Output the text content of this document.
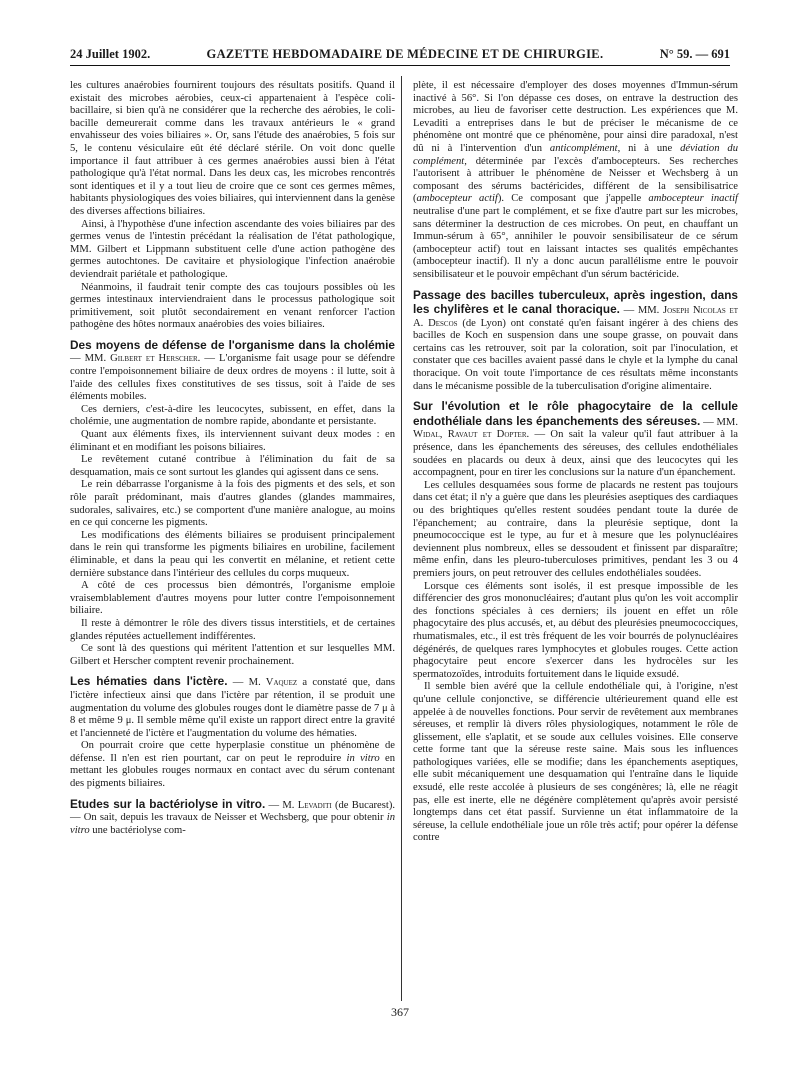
24 Juillet 1902.	GAZETTE HEBDOMADAIRE DE MÉDECINE ET DE CHIRURGIE.	N° 59. — 691

les cultures anaérobies fournirent toujours des résultats positifs. Quand il existait des microbes aérobies, ceux-ci appartenaient à l'espèce coli-bacillaire, si bien qu'à ne considérer que la recherche des aérobies, le coli-bacille demeurerait comme dans les travaux antérieurs le « grand envahisseur des voies biliaires ». Or, sans l'étude des anaérobies, 5 fois sur 5, le contenu vésiculaire eût été déclaré stérile. On voit donc quelle importance il faut attribuer à ces germes anaérobies aussi bien à l'état pathologique qu'à l'état normal. Dans les deux cas, les microbes rencontrés sont identiques et il y a tout lieu de croire que ce sont ces germes mêmes, habitants physiologiques des voies biliaires, qui interviennent dans la genèse des diverses affections biliaires.

Ainsi, à l'hypothèse d'une infection ascendante des voies biliaires par des germes venus de l'intestin précédant la réalisation de l'état pathologique, MM. Gilbert et Lippmann substituent celle d'une action pathogène des germes autochtones. De cavitaire et physiologique l'infection anaérobie deviendrait pariétale et pathologique.

Néanmoins, il faudrait tenir compte des cas toujours possibles où les germes intestinaux interviendraient dans le processus pathologique soit primitivement, soit plutôt secondairement en venant renforcer l'action pathogène des hôtes normaux anaérobies des voies biliaires.

Des moyens de défense de l'organisme dans la cholémie— MM. Gilbert et Herscher. — L'organisme fait usage pour se défendre contre l'empoisonnement biliaire de deux ordres de moyens : il lutte, soit à l'aide des cellules fixes constitutives de ses tissus, soit à l'aide de ses éléments mobiles.

Ces derniers, c'est-à-dire les leucocytes, subissent, en effet, dans la cholémie, une augmentation de nombre rapide, abondante et persistante.

Quant aux éléments fixes, ils interviennent suivant deux modes : en éliminant et en modifiant les poisons biliaires.

Le revêtement cutané contribue à l'élimination du fait de sa desquamation, mais ce sont surtout les glandes qui agissent dans ce sens.

Le rein débarrasse l'organisme à la fois des pigments et des sels, et son rôle paraît prédominant, mais d'autres glandes (glandes mammaires, sudorales, salivaires, etc.) se comportent d'une manière analogue, au moins en ce qui concerne les pigments.

Les modifications des éléments biliaires se produisent principalement dans le rein qui transforme les pigments biliaires en urobiline, facilement éliminable, et dans la peau qui les convertit en mélanine, et retient cette dernière substance dans l'intérieur des cellules du corps muqueux.

A côté de ces processus bien démontrés, l'organisme emploie vraisemblablement d'autres moyens pour lutter contre l'empoisonnement biliaire.

Il reste à démontrer le rôle des divers tissus interstitiels, et de certaines glandes réputées actuellement indifférentes.

Ce sont là des questions qui méritent l'attention et sur lesquelles MM. Gilbert et Herscher comptent revenir prochainement.

Les hématies dans l'ictère. — M. Vaquez a constaté que, dans l'ictère infectieux ainsi que dans l'ictère par rétention, il se produit une augmentation du volume des globules rouges dont le diamètre passe de 7 μ à 8 et même 9 μ. Il semble même qu'il existe un rapport direct entre la gravité et l'ancienneté de l'ictère et l'augmentation du volume des hématies.

On pourrait croire que cette hyperplasie constitue un phénomène de défense. Il n'en est rien pourtant, car on peut le reproduire in vitro en mettant les globules rouges normaux en contact avec du sérum contenant des pigments biliaires.

Etudes sur la bactériolyse in vitro. — M. Levaditi (de Bucarest). — On sait, depuis les travaux de Neisser et Wechsberg, que pour obtenir in vitro une bactériolyse com-

plète, il est nécessaire d'employer des doses moyennes d'Immun-sérum inactivé à 56°. Si l'on dépasse ces doses, on entrave la destruction des microbes, au lieu de favoriser cette destruction. Les expériences que M. Levaditi a entreprises dans le but de préciser le mécanisme de ce phénomène ont montré que ce phénomène, pour ainsi dire paradoxal, n'est dû ni à l'intervention d'un anticomplément, ni à une déviation du complément, déterminée par l'excès d'ambocepteurs. Ses recherches l'autorisent à attribuer le phénomène de Neisser et Wechsberg à un composant des sérums bactéricides, différent de la sensibilisatrice (ambocepteur actif). Ce composant que j'appelle ambocepteur inactif neutralise d'une part le complément, et se fixe d'autre part sur les microbes, sans déterminer la destruction de ces microbes. On peut, en chauffant un Immun-sérum à 65°, annihiler le pouvoir sensibilisateur de ce sérum (ambocepteur actif) tout en laissant intactes ses qualités empêchantes (ambocepteur inactif). Il n'y a donc aucun parallélisme entre le pouvoir sensibilisateur et le pouvoir empêchant d'un sérum bactéricide.

Passage des bacilles tuberculeux, après ingestion, dans les chylifères et le canal thoracique. — MM. Joseph Nicolas et A. Descos (de Lyon) ont constaté qu'en faisant ingérer à des chiens des bacilles de Koch en suspension dans une soupe grasse, on pouvait dans certains cas les retrouver, soit par la coloration, soit par l'inoculation, et constater que ces bacilles avaient passé dans le chyle et la lymphe du canal thoracique. On voit toute l'importance de ces résultats même inconstants dans le mécanisme possible de la tuberculisation d'origine alimentaire.

Sur l'évolution et le rôle phagocytaire de la cellule endothéliale dans les épanchements des séreuses. — MM. Widal, Ravaut et Dopter. — On sait la valeur qu'il faut attribuer à la présence, dans les épanchements des séreuses, des cellules endothéliales soudées en placards ou deux à deux, ainsi que des leucocytes qui les accompagnent, pour en tirer les conclusions sur la nature d'un épanchement.

Les cellules desquamées sous forme de placards ne restent pas toujours dans cet état; il n'y a guère que dans les pleurésies aseptiques des cardiaques ou des brightiques qu'elles restent soudées pendant toute la durée de l'épanchement; au contraire, dans la pleurésie septique, dont la pneumococcique est le type, au fur et à mesure que les polynucléaires deviennent plus nombreux, elles se dessoudent et finissent par disparaître; même enfin, dans les pleuro-tuberculoses primitives, pendant les 3 ou 4 premiers jours, on peut retrouver des cellules endothéliales soudées.

Lorsque ces éléments sont isolés, il est presque impossible de les différencier des gros mononucléaires; d'autant plus qu'on les voit accomplir des fonctions spéciales à ces derniers; ils jouent en effet un rôle phagocytaire des plus accusés, et, au début des pleurésies pneumococciques, rhumatismales, etc., il est très fréquent de les voir bourrés de polynucléaires dégénérés, de quelques rares lymphocytes et globules rouges. Cette action phagocytaire peut encore s'exercer dans les hydrocèles sur les spermatozoïdes, introduits fortuitement dans le liquide exsudé.

Il semble bien avéré que la cellule endothéliale qui, à l'origine, n'est qu'une cellule conjonctive, se différencie ultérieurement quand elle est appelée à de nouvelles fonctions. Pour servir de revêtement aux membranes séreuses, et remplir là divers rôles physiologiques, notamment le rôle de glissement, elle s'aplatit, et se soude aux cellules voisines. Elle conserve cette forme tant que la séreuse reste saine. Mais sous les influences pathologiques variées, elle se modifie; dans les épanchements aseptiques, elle subit mécaniquement une desquamation qui l'entraîne dans le liquide exsudé, elle reste accolée à plusieurs de ses congénères; là, elle ne réagit pas, elle est inerte, elle ne dégénère complètement qu'après avoir persisté longtemps dans cet état passif. Survienne un état inflammatoire de la séreuse, la cellule endothéliale joue un rôle très actif; pour opérer la défense contre

367
